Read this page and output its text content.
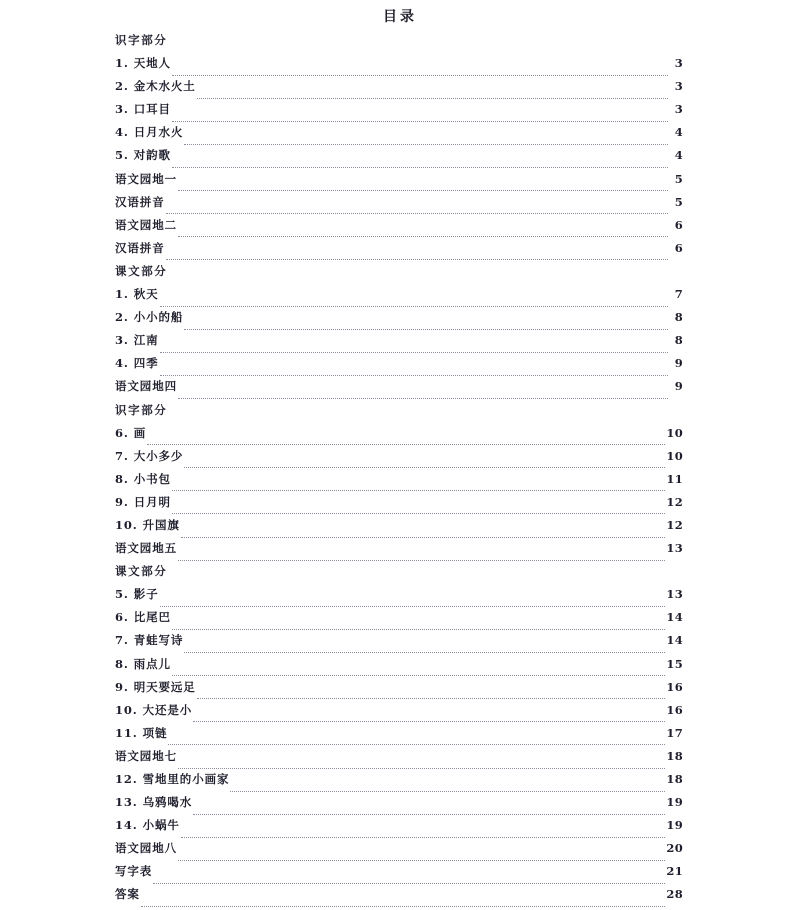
目录
识字部分
1. 天地人	3
2. 金木水火土	3
3. 口耳目	3
4. 日月水火	4
5. 对韵歌	4
语文园地一	5
汉语拼音	5
语文园地二	6
汉语拼音	6
课文部分
1. 秋天	7
2. 小小的船	8
3. 江南	8
4. 四季	9
语文园地四	9
识字部分
6. 画	10
7. 大小多少	10
8. 小书包	11
9. 日月明	12
10. 升国旗	12
语文园地五	13
课文部分
5. 影子	13
6. 比尾巴	14
7. 青蛙写诗	14
8. 雨点儿	15
9. 明天要远足	16
10. 大还是小	16
11. 项链	17
语文园地七	18
12. 雪地里的小画家	18
13. 乌鸦喝水	19
14. 小蜗牛	19
语文园地八	20
写字表	21
答案	28
